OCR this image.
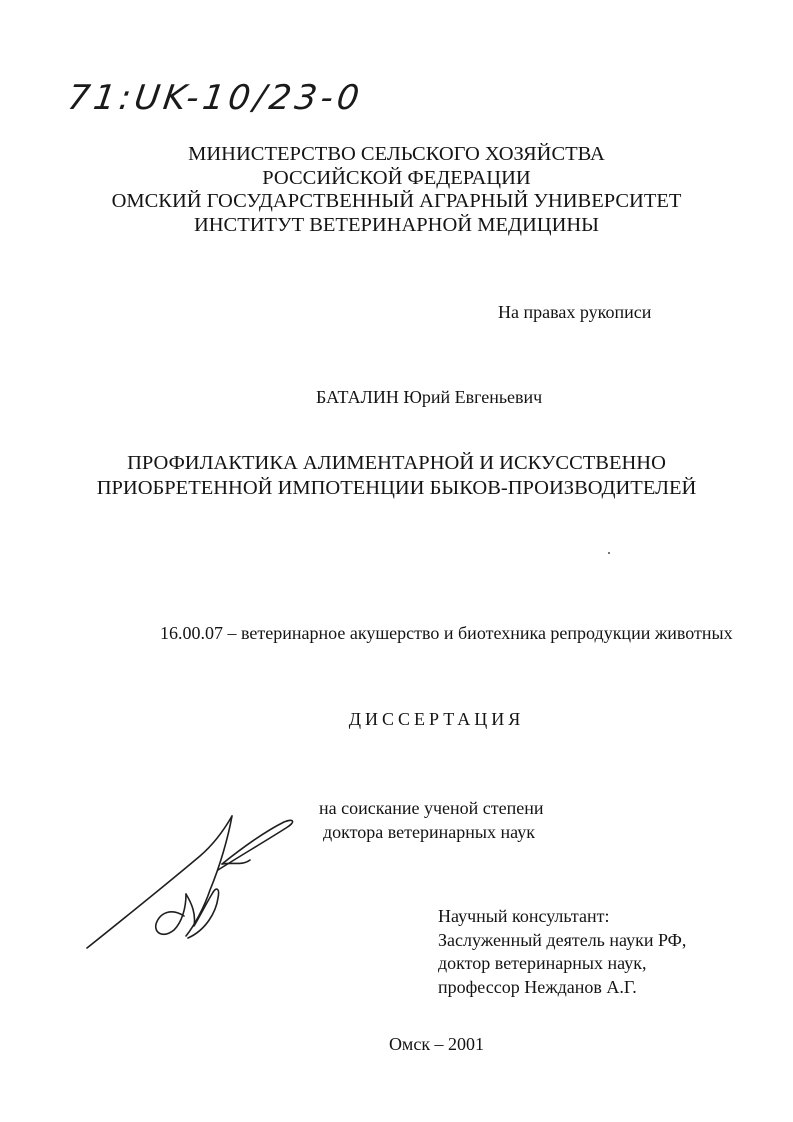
71:UK-10/23-0
МИНИСТЕРСТВО СЕЛЬСКОГО ХОЗЯЙСТВА
РОССИЙСКОЙ ФЕДЕРАЦИИ
ОМСКИЙ ГОСУДАРСТВЕННЫЙ АГРАРНЫЙ УНИВЕРСИТЕТ
ИНСТИТУТ ВЕТЕРИНАРНОЙ МЕДИЦИНЫ
На правах рукописи
БАТАЛИН Юрий Евгеньевич
ПРОФИЛАКТИКА АЛИМЕНТАРНОЙ И ИСКУССТВЕННО
ПРИОБРЕТЕННОЙ ИМПОТЕНЦИИ БЫКОВ-ПРОИЗВОДИТЕЛЕЙ
16.00.07 – ветеринарное акушерство и биотехника репродукции животных
ДИССЕРТАЦИЯ
на соискание ученой степени
доктора ветеринарных наук
Научный консультант:
Заслуженный деятель науки РФ,
доктор ветеринарных наук,
профессор Нежданов А.Г.
Омск – 2001
